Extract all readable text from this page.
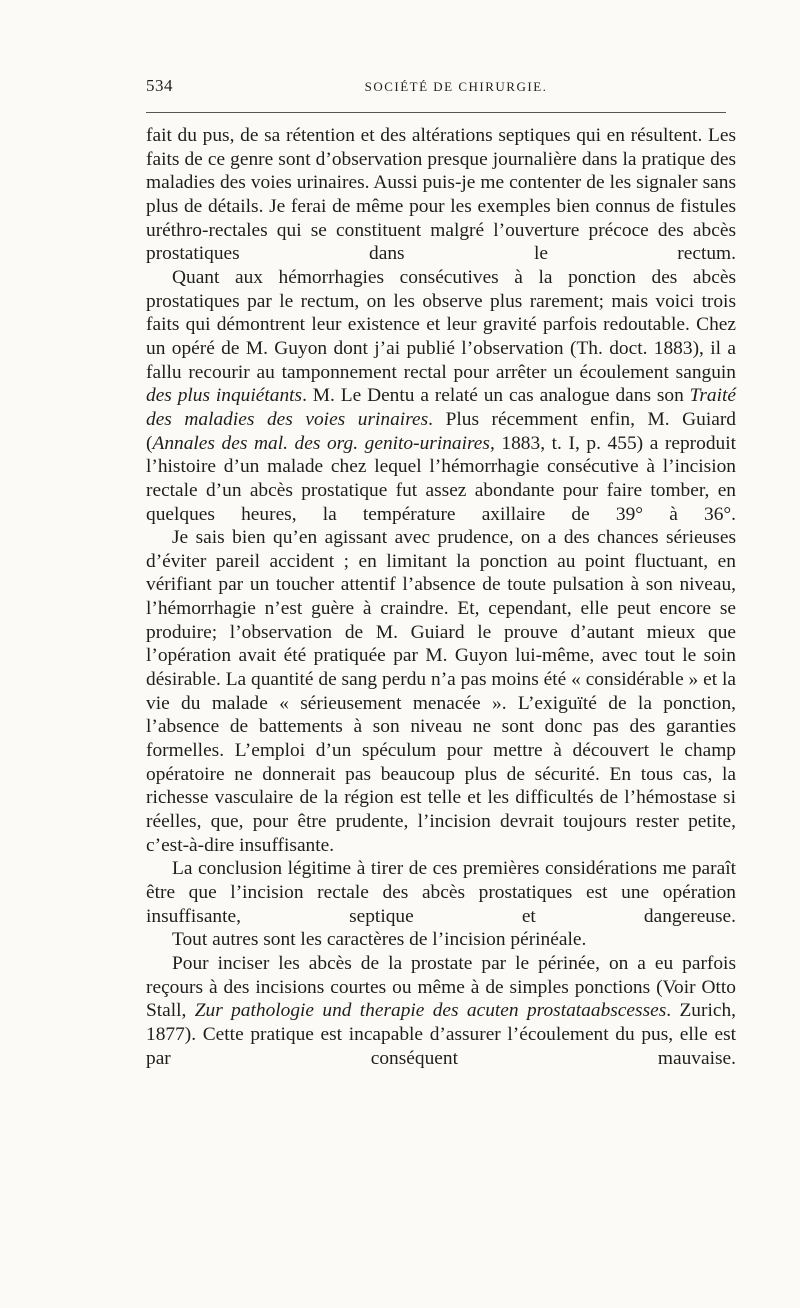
534	SOCIÉTÉ DE CHIRURGIE.

fait du pus, de sa rétention et des altérations septiques qui en résultent. Les faits de ce genre sont d’observation presque journalière dans la pratique des maladies des voies urinaires. Aussi puis-je me contenter de les signaler sans plus de détails. Je ferai de même pour les exemples bien connus de fistules uréthro-rectales qui se constituent malgré l’ouverture précoce des abcès prostatiques dans le rectum.

Quant aux hémorrhagies consécutives à la ponction des abcès prostatiques par le rectum, on les observe plus rarement; mais voici trois faits qui démontrent leur existence et leur gravité parfois redoutable. Chez un opéré de M. Guyon dont j’ai publié l’observation (Th. doct. 1883), il a fallu recourir au tamponnement rectal pour arrêter un écoulement sanguin des plus inquiétants. M. Le Dentu a relaté un cas analogue dans son Traité des maladies des voies urinaires. Plus récemment enfin, M. Guiard (Annales des mal. des org. genito-urinaires, 1883, t. I, p. 455) a reproduit l’histoire d’un malade chez lequel l’hémorrhagie consécutive à l’incision rectale d’un abcès prostatique fut assez abondante pour faire tomber, en quelques heures, la température axillaire de 39° à 36°.

Je sais bien qu’en agissant avec prudence, on a des chances sérieuses d’éviter pareil accident ; en limitant la ponction au point fluctuant, en vérifiant par un toucher attentif l’absence de toute pulsation à son niveau, l’hémorrhagie n’est guère à craindre. Et, cependant, elle peut encore se produire; l’observation de M. Guiard le prouve d’autant mieux que l’opération avait été pratiquée par M. Guyon lui-même, avec tout le soin désirable. La quantité de sang perdu n’a pas moins été « considérable » et la vie du malade « sérieusement menacée ». L’exiguïté de la ponction, l’absence de battements à son niveau ne sont donc pas des garanties formelles. L’emploi d’un spéculum pour mettre à découvert le champ opératoire ne donnerait pas beaucoup plus de sécurité. En tous cas, la richesse vasculaire de la région est telle et les difficultés de l’hémostase si réelles, que, pour être prudente, l’incision devrait toujours rester petite, c’est-à-dire insuffisante.

La conclusion légitime à tirer de ces premières considérations me paraît être que l’incision rectale des abcès prostatiques est une opération insuffisante, septique et dangereuse.

Tout autres sont les caractères de l’incision périnéale.

Pour inciser les abcès de la prostate par le périnée, on a eu parfois reçours à des incisions courtes ou même à de simples ponctions (Voir Otto Stall, Zur pathologie und therapie des acuten prostataabscesses. Zurich, 1877). Cette pratique est incapable d’assurer l’écoulement du pus, elle est par conséquent mauvaise.
